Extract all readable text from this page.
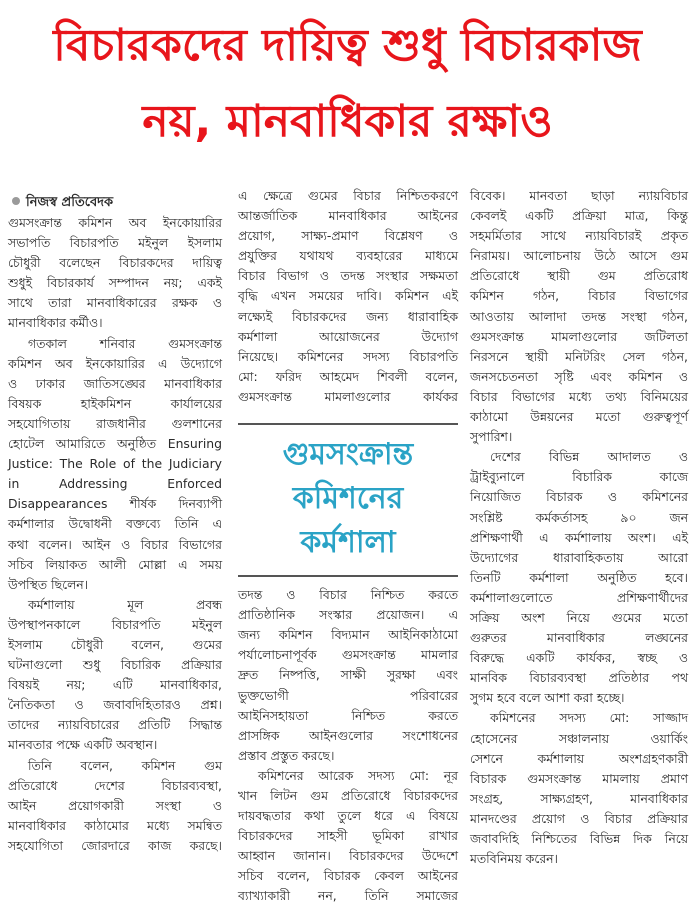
বিচারকদের দায়িত্ব শুধু বিচারকাজ
নয়, মানবাধিকার রক্ষাও
নিজস্ব প্রতিবেদক
গুমসংক্রান্ত কমিশন অব ইনকোয়ারির
সভাপতি বিচারপতি মইনুল ইসলাম
চৌধুরী বলেছেন বিচারকদের দায়িত্ব
শুধুই বিচারকার্য সম্পাদন নয়; একই
সাথে তারা মানবাধিকারের রক্ষক ও
মানবাধিকার কর্মীও।
গতকাল শনিবার গুমসংক্রান্ত
কমিশন অব ইনকোয়ারির এ উদ্যোগে
ও ঢাকার জাতিসঙ্ঘের মানবাধিকার
বিষয়ক হাইকমিশন কার্যালয়ের
সহযোগিতায় রাজধানীর গুলশানের
হোটেল আমারিতে অনুষ্ঠিত Ensuring
Justice: The Role of the Judiciary
in Addressing Enforced
Disappearances শীর্ষক দিনব্যাপী
কর্মশালার উদ্বোধনী বক্তব্যে তিনি এ
কথা বলেন। আইন ও বিচার বিভাগের
সচিব লিয়াকত আলী মোল্লা এ সময়
উপস্থিত ছিলেন।
কর্মশালায় মূল প্রবন্ধ
উপস্থাপনকালে বিচারপতি মইনুল
ইসলাম চৌধুরী বলেন, গুমের
ঘটনাগুলো শুধু বিচারিক প্রক্রিয়ার
বিষয়ই নয়; এটি মানবাধিকার,
নৈতিকতা ও জবাবদিহিতারও প্রশ্ন।
তাদের ন্যায়বিচারের প্রতিটি সিদ্ধান্ত
মানবতার পক্ষে একটি অবস্থান।
তিনি বলেন, কমিশন গুম
প্রতিরোধে দেশের বিচারব্যবস্থা,
আইন প্রয়োগকারী সংস্থা ও
মানবাধিকার কাঠামোর মধ্যে সমন্বিত
সহযোগিতা জোরদারে কাজ করছে।
এ ক্ষেত্রে গুমের বিচার নিশ্চিতকরণে
আন্তর্জাতিক মানবাধিকার আইনের
প্রয়োগ, সাক্ষ্য-প্রমাণ বিশ্লেষণ ও
প্রযুক্তির যথাযথ ব্যবহারের মাধ্যমে
বিচার বিভাগ ও তদন্ত সংস্থার সক্ষমতা
বৃদ্ধি এখন সময়ের দাবি। কমিশন এই
লক্ষ্যেই বিচারকদের জন্য ধারাবাহিক
কর্মশালা আয়োজনের উদ্যোগ
নিয়েছে। কমিশনের সদস্য বিচারপতি
মো: ফরিদ আহমেদ শিবলী বলেন,
গুমসংক্রান্ত মামলাগুলোর কার্যকর
গুমসংক্রান্ত
কমিশনের
কর্মশালা
তদন্ত ও বিচার নিশ্চিত করতে
প্রাতিষ্ঠানিক সংস্কার প্রয়োজন। এ
জন্য কমিশন বিদ্যমান আইনিকাঠামো
পর্যালোচনাপূর্বক গুমসংক্রান্ত মামলার
দ্রুত নিষ্পত্তি, সাক্ষী সুরক্ষা এবং
ভুক্তভোগী পরিবারের
আইনিসহায়তা নিশ্চিত করতে
প্রাসঙ্গিক আইনগুলোর সংশোধনের
প্রস্তাব প্রস্তুত করছে।
কমিশনের আরেক সদস্য মো: নূর
খান লিটন গুম প্রতিরোধে বিচারকদের
দায়বদ্ধতার কথা তুলে ধরে এ বিষয়ে
বিচারকদের সাহসী ভূমিকা রাখার
আহ্বান জানান। বিচারকদের উদ্দেশে
সচিব বলেন, বিচারক কেবল আইনের
ব্যাখ্যাকারী নন, তিনি সমাজের
বিবেক। মানবতা ছাড়া ন্যায়বিচার
কেবলই একটি প্রক্রিয়া মাত্র, কিন্তু
সহমর্মিতার সাথে ন্যায়বিচারই প্রকৃত
নিরাময়। আলোচনায় উঠে আসে গুম
প্রতিরোধে স্থায়ী গুম প্রতিরোধ
কমিশন গঠন, বিচার বিভাগের
আওতায় আলাদা তদন্ত সংস্থা গঠন,
গুমসংক্রান্ত মামলাগুলোর জটিলতা
নিরসনে স্থায়ী মনিটরিং সেল গঠন,
জনসচেতনতা সৃষ্টি এবং কমিশন ও
বিচার বিভাগের মধ্যে তথ্য বিনিময়ের
কাঠামো উন্নয়নের মতো গুরুত্বপূর্ণ
সুপারিশ।
দেশের বিভিন্ন আদালত ও
ট্রাইব্যুনালে বিচারিক কাজে
নিয়োজিত বিচারক ও কমিশনের
সংশ্লিষ্ট কর্মকর্তাসহ ৯০ জন
প্রশিক্ষণার্থী এ কর্মশালায় অংশ। এই
উদ্যোগের ধারাবাহিকতায় আরো
তিনটি কর্মশালা অনুষ্ঠিত হবে।
কর্মশালাগুলোতে প্রশিক্ষণার্থীদের
সক্রিয় অংশ নিয়ে গুমের মতো
গুরুতর মানবাধিকার লঙ্ঘনের
বিরুদ্ধে একটি কার্যকর, স্বচ্ছ ও
মানবিক বিচারব্যবস্থা প্রতিষ্ঠার পথ
সুগম হবে বলে আশা করা হচ্ছে।
কমিশনের সদস্য মো: সাজ্জাদ
হোসেনের সঞ্চালনায় ওয়ার্কিং
সেশনে কর্মশালায় অংশগ্রহণকারী
বিচারক গুমসংক্রান্ত মামলায় প্রমাণ
সংগ্রহ, সাক্ষ্যগ্রহণ, মানবাধিকার
মানদণ্ডের প্রয়োগ ও বিচার প্রক্রিয়ার
জবাবদিহি নিশ্চিতের বিভিন্ন দিক নিয়ে
মতবিনিময় করেন।
